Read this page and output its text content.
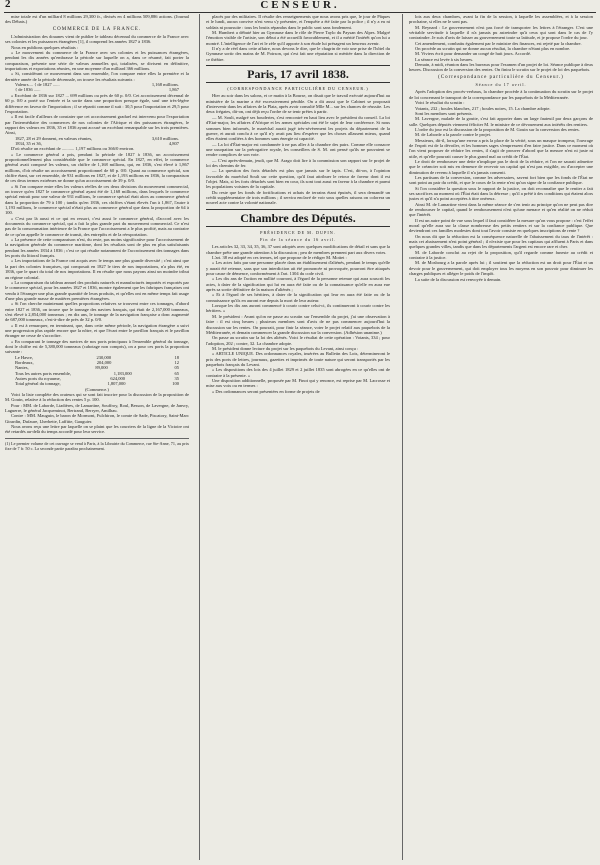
2	CENSEUR.

mise totale est d'un milliard 8 millions 29,300 fr., divisés en 4 millions 509,886 actions. (Journal des Débats.)

COMMERCE DE LA FRANCE.

L'administration des douanes vient de publier le tableau décennal du commerce de la France avec ses colonies et les puissances étrangères [1], il comprend les années 1827 à 1836.

Nous en publions quelques résultats :

« Le mouvement du commerce de la France avec ses colonies et les puissances étrangères, pendant les dix années qu'embrasse la période sur laquelle on a, dans ce résumé, fait porter la comparaison, présente une série de valeurs annuelles qui, totalisées, se divisent en définitive, importations et exportations réunies, en une moyenne d'un milliard 366 millions.

« Si, considérant ce mouvement dans son ensemble, l'on compare entre elles la première et la dernière année de la période décennale, on trouve les résultats suivants :

Valeurs.... { de 1827 ......	1,168 millions.
{ de 1836 ......	1,867

« Excédant de 1836 sur 1827 ... 699 millions ou près de 60 p. 0/0. Cet accroissement décennal de 60 p. 0/0 a porté sur l'entrée et la sortie dans une proportion presque égale, sauf une très-légère différence en faveur de l'importation ; il se répartit comme il suit : 30,5 pour l'importation et 29,5 pour l'exportation.

« Il est facile d'ailleurs de constater que cet accroissement graduel est intervenu pour l'exportation par l'intermédiaire des commerces de nos colonies de l'Afrique et des puissances étrangères, le rapport des valeurs en 1836, 35 et 1836 ayant accusé un excédant remarquable sur les trois premières. Ainsi,

1827, 28 et 29 donnent, en valeurs réunies,	3,610 millions.
1834, 35 et 36,	4,807

D'où résulte un excédant de ........... 1,197 millions ou 366/0 environ.

« Le commerce général a pris, pendant la période de 1827 à 1836, un accroissement proportionnellement plus considérable que le commerce spécial. En 1827, en effet, le commerce général avait composé les valeurs, un chiffre de 1,168 millions, qui, en 1836, s'est élevé à 1,867 millions, d'où résulte un accroissement proportionnel de 60 p. 0/0. Quant au commerce spécial, son chiffre étant, sur cet ensemble, de 931 millions en 1827, et de 1,193 millions en 1836, la comparaison de ces deux termes extrêmes ne donne qu'un accroissement de 39 p. 0/0.

« Si l'on compare entre elles les valeurs réelles de ces deux divisions du mouvement commercial, on trouve qu'en 1827 le commerce général ayant été de 1,168 millions, dans lesquels le commerce spécial entrait pour une valeur de 931 millions, le commerce spécial était alors au commerce général dans la proportion de 79 à 100 ; tandis qu'en 1836, ces chiffres s'étant élevés l'un à 1,867, l'autre à 1,193 millions, le commerce spécial n'était plus au commerce général que dans la proportion de 64 à 100.

« C'est par là aussi et ce qui en ressort, c'est aussi le commerce général, d'accord avec les documents du commerce spécial, qui a fait la plus grande part du mouvement commercial. Ce n'est pas de la consommation intérieure de la France que l'accroissement a le plus profité, mais au contraire de ce qu'on appelle le commerce de transit, des entrepôts et de la réexportation.

« La présence de cette comparaison n'est, du reste, pas moins significative pour l'accroissement de la navigation générale du commerce maritime, dont les résultats sont de plus en plus satisfaisants pendant les années 1834 à 1836 ; c'est ce qui résulte notamment de l'accroissement des tonnages dans les ports du littoral français.

« Les importations de la France ont acquis avec le temps une plus grande diversité ; c'est ainsi que la part des colonies françaises, qui composait en 1827 le tiers de nos importations, n'a plus été, en 1836, que le quart du total de nos importations. Il en résulte que nous payons ainsi un moindre tribut au régime colonial.

« La comparaison du tableau annuel des produits naturels et manufacturés importés et exportés par le commerce spécial, pour les années 1827 et 1836, montre également que les fabriques françaises ont vendu à l'étranger une plus grande quantité de leurs produits, et qu'elles ont en même temps fait usage d'une plus grande masse de matières premières étrangères.

« Si l'on cherche maintenant quelles proportions relatives se trouvent entre ces tonnages, d'abord entre 1827 et 1836, on trouve que le tonnage des navires français, qui était de 2,167,000 tonneaux, s'est élevé à 2,854,000 tonneaux ; en dix ans, le tonnage de la navigation française a donc augmenté de 687,000 tonneaux, c'est-à-dire de près de 32 p. 0/0.

« Il est à remarquer, en terminant, que, dans cette même période, la navigation étrangère a suivi une progression plus rapide encore que la nôtre, et que l'écart entre le pavillon français et le pavillon étranger ne cesse de s'accroître.

« En comparant le tonnage des navires de nos ports principaux à l'ensemble général du tonnage, dont le chiffre est de 5,380,000 tonneaux (cabotage non compris), on a pour ces ports la proportion suivante :

Le Havre,	230,000	18
Bordeaux,	204,000	12
Nantes,	89,000	05
Tous les autres ports ensemble,	1,183,000	65
Autres ports du royaume,	624,000	35
Total général du tonnage,	1,807,000	100

(Commerce.)

Voici la liste complète des orateurs qui se sont fait inscrire pour la discussion de la proposition de M. Gouin, relative à la réduction des rentes 5 p. 100.

Pour : MM. de Laborde, Liadières, de Lamartine, Souffroy, Roul, Besson, de Lavergne, de Janvry, Laguerre, le général Jacqueminot, Bertrand, Berryer, Amilhau.

Contre : MM. Mauguin, le baron de Mormont, Fulchiron, le comte de Sade, Piscatory, Saint-Marc Girardin, Dufaure, Lherbette, Laffitte, Gauguier.

Nous avons reçu une lettre par laquelle on se plaint que les courriers de la ligne de la Victoire ont été retardés au-delà du temps accordé pour leur service.

(1) Le premier volume de cet ouvrage se vend à Paris, à la Librairie du Commerce, rue Ste-Anne, 71, au prix fixe de 7 fr. 50 c. La seconde partie paraîtra prochainement.

placés par des militaires. Il résulte des renseignements que nous avons pris que, le jour de Pâques et le lundi, aucun convive n'est venu s'y présenter, et l'enquête a été faite par la police ; il n'y a eu ni soldats ni poursuite : tous les bruits répandus dans le public sont sans fondement.

M. Humbert a débuté hier au Gymnase dans le rôle de Pierre Taylo du Paysan des Alpes. Malgré l'émotion visible de l'artiste, son début a été accueilli favorablement, et il a mérité l'intérêt qu'on lui a montré. L'intelligence de l'art et le zèle qu'il apporte à son étude lui présagent un heureux avenir.

Il n'y a de réel dans cette affaire, nous devons le dire, que le chagrin de voir une prise de l'hôtel du Gymnase sortir des mains de M. Poirson, qui s'est fait une réputation si méritée dans la direction de ce théâtre.

Paris, 17 avril 1838.

(CORRESPONDANCE PARTICULIÈRE DU CENSEUR.)

Hier au soir dans les salons, et ce matin à la Bourse, on disait que le travail exécuté aujourd'hui au ministère de la marine a été excessivement pénible. On a dit aussi que le Cabinet se proposait d'intervenir dans les affaires de la Plata, après avoir consulté Mlle M... sur les chances de réussite. Les deux frégates, dit-on, ont déjà reçu l'ordre de se tenir prêtes à partir.

— M. Soult, malgré ses bouderies, s'est rencontré en haut lieu avec le président du conseil. La loi d'Etat-major, les affaires d'Afrique et les armes spéciales ont été le sujet de leur conférence. Si nous sommes bien informés, le maréchal aurait jugé très-sévèrement les projets du département de la guerre, et aurait conclu à ce qu'il n'y avait pas lieu d'espérer que les choses allassent mieux, quand elles étaient confiées à des hommes sans énergie ni capacité.

— La loi d'État-major est condamnée à ne pas aller à la chambre des pairs. Comme elle consacre une usurpation sur la prérogative royale, les conseillers de S. M. ont pensé qu'ils ne pouvaient se rendre complices de son vote.

— C'est après-demain, jeudi, que M. Arago doit lire à la commission son rapport sur le projet de loi des chemins de fer.

— La question des forts détachés est plus que jamais sur le tapis. C'est, dit-on, à l'opinion favorable du maréchal Soult sur cette question, qu'il faut attribuer le retour de faveur dont il est l'objet. Mais, si les forts détachés sont bien en cour, ils sont tout aussi en faveur à la chambre et parmi les populations voisines de la capitale.

Du reste que les fonds de fortifications et achats de terrains étant épuisés, il sera demandé un crédit supplémentaire de trois millions ; il servira enclavé de voir sous quelles raisons on colorera un nouvel acte contre la volonté nationale.

Chambre des Députés.

PRÉSIDENCE DE M. DUPIN.

Fin de la séance du 16 avril.

Les articles 32, 33, 34, 35, 36, 37 sont adoptés avec quelques modifications de détail et sans que la chambre prête une grande attention à la discussion ; peu de membres prennent part aux divers votes.

L'art. 38 est adopté en ces termes, tel que propose de le rédiger M. Mottet :

« Les actes faits par une personne placée dans un établissement d'aliénés, pendant le temps qu'elle y aurait été retenue, sans que son interdiction ait été prononcée ni provoquée, pourront être attaqués pour cause de démence, conformément à l'art. 1304 du code civil.

« Les dix ans de l'action en nullité courront, à l'égard de la personne retenue qui aura souscrit les actes, à dater de la signification qui lui en aura été faite ou de la connaissance qu'elle en aura eue après sa sortie définitive de la maison d'aliénés ;

« Et à l'égard de ses héritiers, à dater de la signification qui leur en aura été faite ou de la connaissance qu'ils en auront eue depuis la mort de leur auteur.

Lorsque les dix ans auront commencé à courir contre celui-ci, ils continueront à courir contre les héritiers. »

M. le président : Avant qu'on ne passe au scrutin sur l'ensemble du projet, j'ai une observation à faire : il est cinq heures ; plusieurs membres sont d'avis de ne pas commencer aujourd'hui la discussion sur les rentes. On pourrait, pour finir la séance, voter le projet relatif aux paquebots de la Méditerranée, et demain commencer la grande discussion sur la conversion. (Adhésion unanime.)

On passe au scrutin sur la loi des aliénés. Voici le résultat de cette opération : Votants, 334 ; pour l'adoption, 202 ; contre, 32. La chambre adopte.

M. le président donne lecture du projet sur les paquebots du Levant, ainsi conçu :

« ARTICLE UNIQUE. Des ordonnances royales, insérées au Bulletin des Lois, détermineront le prix des ports de lettres, journaux, gazettes et imprimés de toute nature qui seront transportés par les paquebots français du Levant.

« Les dispositions des lois des 4 juillet 1829 et 2 juillet 1835 sont abrogées en ce qu'elles ont de contraire à la présente. »

Une disposition additionnelle, proposée par M. Finot qui y renonce, est reprise par M. Lacrosse et mise aux voix ou en termes :

« Des ordonnances seront présentées en forme de projets de

lois aux deux chambres, avant la fin de la session, à laquelle les assemblées, et à la session prochaine, si elles ne le sont pas.

M. Reynard : Le gouvernement n'est pas forcé de transporter les lettres à l'étranger. C'est une véritable servitude à laquelle il n'a jamais pu astreindre qu'à ceux qui sont dans le cas de l'y contraindre. Je suis d'avis de laisser au gouvernement toute sa latitude, et je propose l'ordre du jour.

Cet amendement, combattu également par le ministre des finances, est rejeté par la chambre.

On procède au scrutin qui ne donne aucun résultat, la chambre n'étant plus en nombre.

M. Viviers écrit pour demander un congé de huit jours. Accordé.

La séance est levée à six heures.

Demain, à midi, réunion dans les bureaux pour l'examen d'un projet de loi. Séance publique à deux heures. Discussion de la conversion des rentes. On finira le scrutin sur le projet de loi des paquebots.

(Correspondance particulière du Censeur.)

Séance du 17 avril.

Après l'adoption des procès-verbaux, la chambre procède à la continuation du scrutin sur le projet de loi concernant le transport de la correspondance par les paquebots de la Méditerranée.

Voici le résultat du scrutin :

Votants, 232 ; boules blanches, 217 ; boules noires, 15. La chambre adopte.

Sont les membres sont présents.

M. Lavergne, malade de la goutte, s'est fait apporter dans un large fauteuil par deux garçons de salle. Quelques députés viennent féliciter M. le ministre de ce dévouement aux intérêts des rentiers.

L'ordre du jour est la discussion de la proposition de M. Gouin sur la conversion des rentes.

M. de Laborde a la parole contre le projet.

Messieurs, dit-il, lorsqu'une erreur a pris la place de la vérité, sous un masque trompeur, l'ouvrage de l'esprit est de la dévoiler, et les hommes sages s'empressent d'en faire justice. Dans ce moment où l'on vient proposer de réduire les rentes, il s'agit de prouver d'abord que la mesure n'est ni juste ni utile, et qu'elle pourrait causer le plus grand mal au crédit de l'État.

Le droit de rembourser une dette n'implique pas le droit de la réduire, et l'on ne saurait admettre que le créancier soit mis en demeure de recevoir un capital qui n'est pas exigible, ou d'accepter une diminution de revenu à laquelle il n'a jamais consenti.

Les partisans de la conversion, comme les adversaires, savent fort bien que les fonds de l'État ne sont point au pair du crédit, et que le cours de la rente n'est qu'un signe de la confiance publique.

Si l'on considère la question sous le rapport de la justice, on doit reconnaître que le rentier a fait ses sacrifices au moment où l'État était dans la détresse ; qu'il a prêté à des conditions qui étaient alors justes et qu'il n'a point acceptées à titre onéreux.

Ainsi M. de Lamartine vient dans la même séance de s'en tenir au principe qu'on ne peut pas dire de rembourser le capital, quand le remboursement n'est qu'une menace et qu'en réalité on ne réduit que l'intérêt.

Il est un autre point de vue sous lequel il faut considérer la mesure qu'on vous propose : c'est l'effet moral qu'elle aura sur la classe nombreuse des petits rentiers et sur la confiance publique. Que deviendront ces familles modestes dont tout l'avoir consiste en quelques inscriptions de rente ?

On nous dit que la réduction est la conséquence naturelle de l'abaissement du taux de l'intérêt : mais cet abaissement n'est point général ; il n'existe que pour les capitaux qui affluent à Paris et dans quelques grandes villes, tandis que dans les départements l'argent est encore rare et cher.

M. de Laborde conclut au rejet de la proposition, qu'il regarde comme funeste au crédit et contraire à la justice.

M. de Mosbourg a la parole après lui ; il soutient que la réduction est un droit pour l'État et un devoir pour le gouvernement, qui doit employer tous les moyens en son pouvoir pour diminuer les charges publiques et alléger le poids de l'impôt.

La suite de la discussion est renvoyée à demain.
